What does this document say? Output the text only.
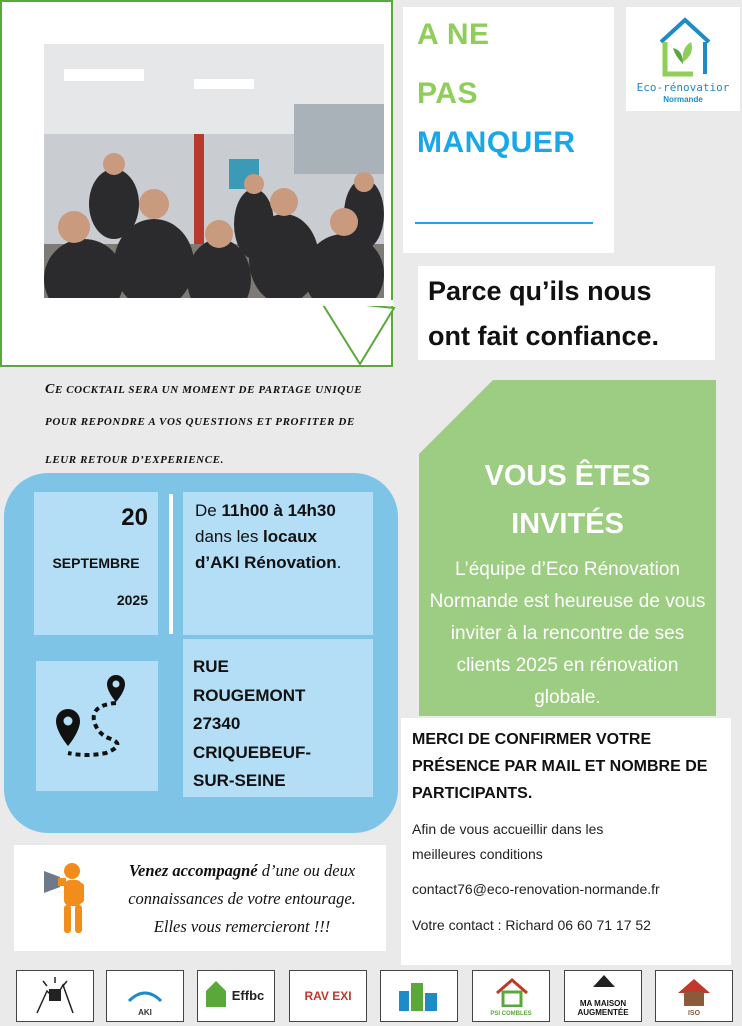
A NE
PAS
MANQUER
Eco-rénovatior
Normande
Parce qu’ils nous
ont fait confiance.
CE COCKTAIL SERA UN MOMENT DE PARTAGE UNIQUE
POUR REPONDRE A VOS QUESTIONS ET PROFITER DE
LEUR RETOUR D’EXPERIENCE.	VOUS ÊTES
INVITÉS
L’équipe d’Eco Rénovation Normande est heureuse de vous inviter à la rencontre de ses clients 2025 en rénovation globale.
20
SEPTEMBRE
2025
De 11h00 à 14h30
dans les locaux
d’AKI Rénovation.
RUE
ROUGEMONT
27340
CRIQUEBEUF-
SUR-SEINE
MERCI DE CONFIRMER VOTRE PRÉSENCE PAR MAIL ET NOMBRE DE PARTICIPANTS.
Afin de vous accueillir dans les
meilleures conditions
contact76@eco-renovation-normande.fr
Votre contact : Richard 06 60 71 17 52
Venez accompagné d’une ou deux connaissances de votre entourage.
Elles vous remercieront !!!
AKI
Effbc	RAV EXI
PSI COMBLES
MA MAISON AUGMENTÉE	ISO
